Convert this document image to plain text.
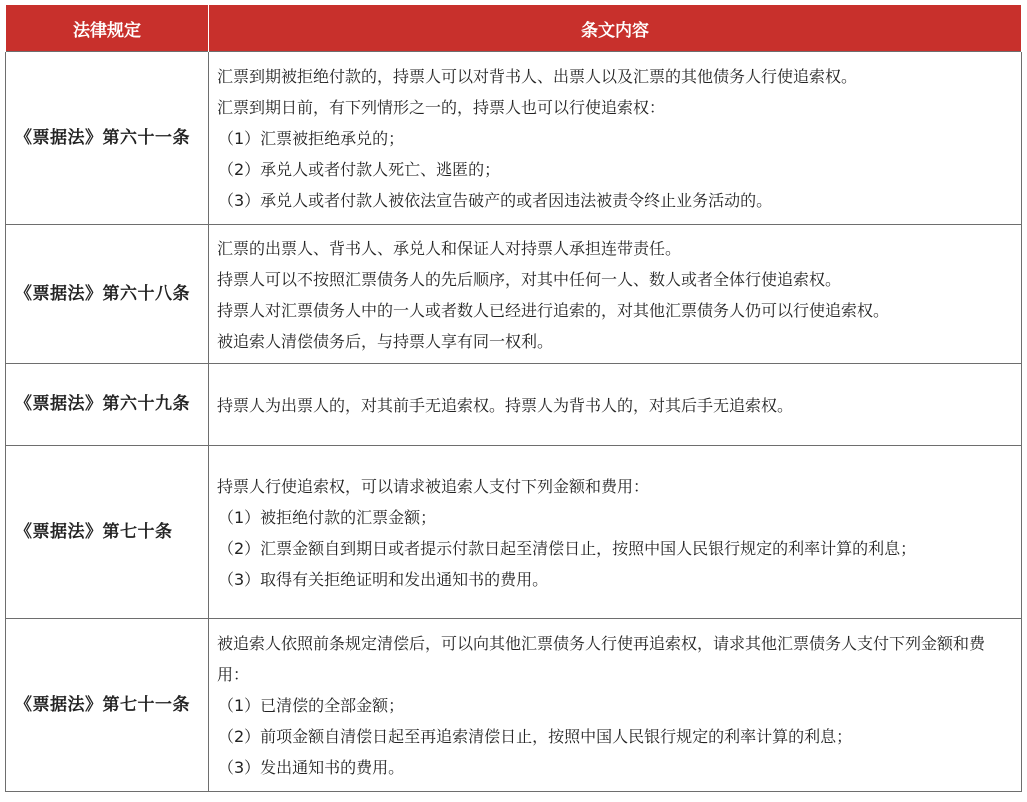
法律规定	条文内容
《票据法》第六十一条	汇票到期被拒绝付款的，持票人可以对背书人、出票人以及汇票的其他债务人行使追索权。
汇票到期日前，有下列情形之一的，持票人也可以行使追索权：
（1）汇票被拒绝承兑的；
（2）承兑人或者付款人死亡、逃匿的；
（3）承兑人或者付款人被依法宣告破产的或者因违法被责令终止业务活动的。

《票据法》第六十八条	汇票的出票人、背书人、承兑人和保证人对持票人承担连带责任。
持票人可以不按照汇票债务人的先后顺序，对其中任何一人、数人或者全体行使追索权。
持票人对汇票债务人中的一人或者数人已经进行追索的，对其他汇票债务人仍可以行使追索权。
被追索人清偿债务后，与持票人享有同一权利。

《票据法》第六十九条	持票人为出票人的，对其前手无追索权。持票人为背书人的，对其后手无追索权。

《票据法》第七十条	持票人行使追索权，可以请求被追索人支付下列金额和费用：
（1）被拒绝付款的汇票金额；
（2）汇票金额自到期日或者提示付款日起至清偿日止，按照中国人民银行规定的利率计算的利息；
（3）取得有关拒绝证明和发出通知书的费用。

《票据法》第七十一条	被追索人依照前条规定清偿后，可以向其他汇票债务人行使再追索权，请求其他汇票债务人支付下列金额和费用：
（1）已清偿的全部金额；
（2）前项金额自清偿日起至再追索清偿日止，按照中国人民银行规定的利率计算的利息；
（3）发出通知书的费用。
